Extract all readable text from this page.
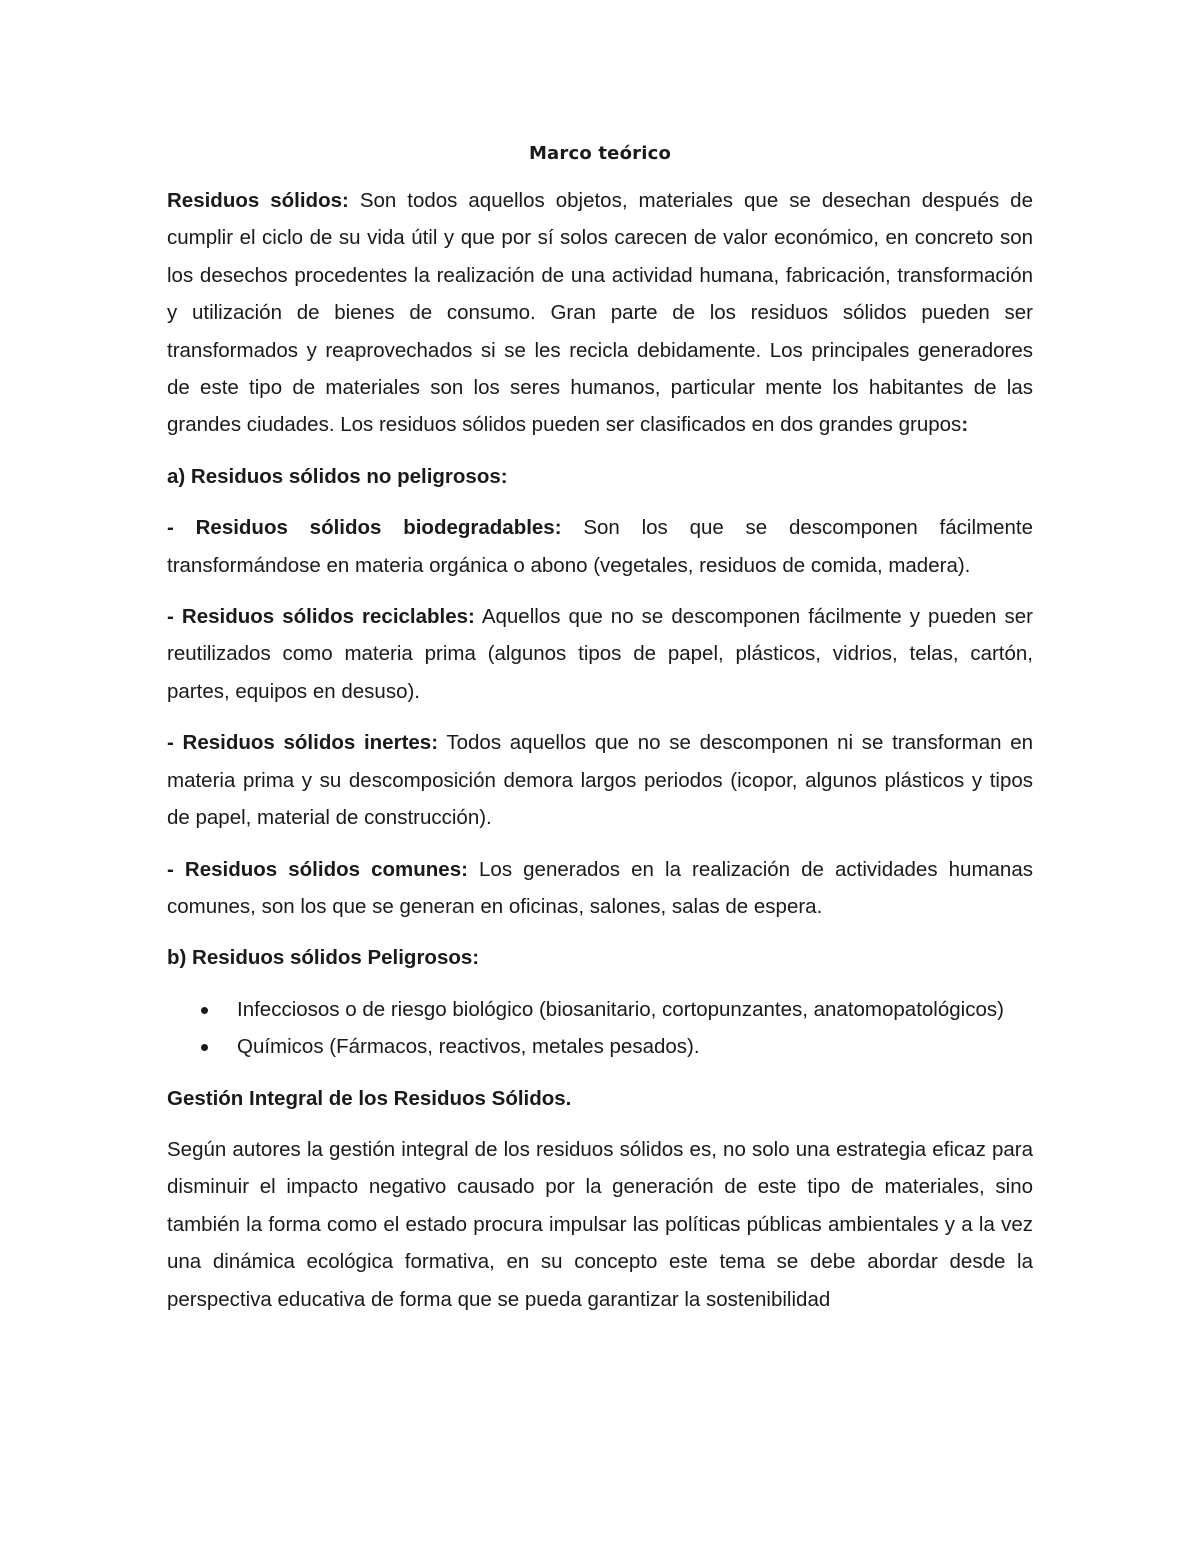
Marco teórico

Residuos sólidos: Son todos aquellos objetos, materiales que se desechan después de cumplir el ciclo de su vida útil y que por sí solos carecen de valor económico, en concreto son los desechos procedentes la realización de una actividad humana, fabricación, transformación y utilización de bienes de consumo. Gran parte de los residuos sólidos pueden ser transformados y reaprovechados si se les recicla debidamente. Los principales generadores de este tipo de materiales son los seres humanos, particular mente los habitantes de las grandes ciudades. Los residuos sólidos pueden ser clasificados en dos grandes grupos:

a) Residuos sólidos no peligrosos:

- Residuos sólidos biodegradables: Son los que se descomponen fácilmente transformándose en materia orgánica o abono (vegetales, residuos de comida, madera).

- Residuos sólidos reciclables: Aquellos que no se descomponen fácilmente y pueden ser reutilizados como materia prima (algunos tipos de papel, plásticos, vidrios, telas, cartón, partes, equipos en desuso).

- Residuos sólidos inertes: Todos aquellos que no se descomponen ni se transforman en materia prima y su descomposición demora largos periodos (icopor, algunos plásticos y tipos de papel, material de construcción).

- Residuos sólidos comunes: Los generados en la realización de actividades humanas comunes, son los que se generan en oficinas, salones, salas de espera.

b) Residuos sólidos Peligrosos:
Infecciosos o de riesgo biológico (biosanitario, cortopunzantes, anatomopatológicos)
Químicos (Fármacos, reactivos, metales pesados).
Gestión Integral de los Residuos Sólidos.

Según autores la gestión integral de los residuos sólidos es, no solo una estrategia eficaz para disminuir el impacto negativo causado por la generación de este tipo de materiales, sino también la forma como el estado procura impulsar las políticas públicas ambientales y a la vez una dinámica ecológica formativa, en su concepto este tema se debe abordar desde la perspectiva educativa de forma que se pueda garantizar la sostenibilidad
